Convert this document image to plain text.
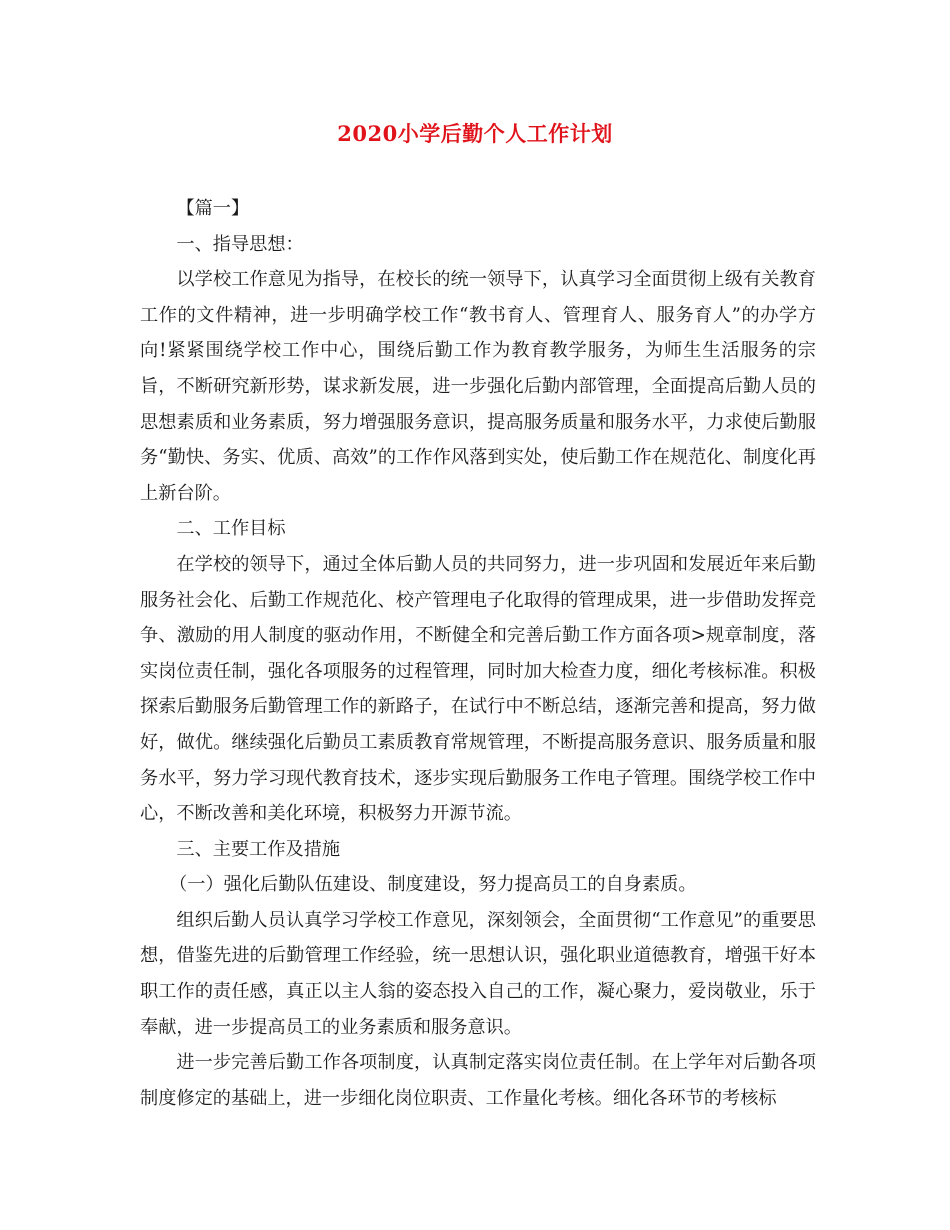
2020小学后勤个人工作计划

【篇一】

一、指导思想：

以学校工作意见为指导，在校长的统一领导下，认真学习全面贯彻上级有关教育工作的文件精神，进一步明确学校工作“教书育人、管理育人、服务育人”的办学方向!紧紧围绕学校工作中心，围绕后勤工作为教育教学服务，为师生生活服务的宗旨，不断研究新形势，谋求新发展，进一步强化后勤内部管理，全面提高后勤人员的思想素质和业务素质，努力增强服务意识，提高服务质量和服务水平，力求使后勤服务“勤快、务实、优质、高效”的工作作风落到实处，使后勤工作在规范化、制度化再上新台阶。

二、工作目标

在学校的领导下，通过全体后勤人员的共同努力，进一步巩固和发展近年来后勤服务社会化、后勤工作规范化、校产管理电子化取得的管理成果，进一步借助发挥竞争、激励的用人制度的驱动作用，不断健全和完善后勤工作方面各项>规章制度，落实岗位责任制，强化各项服务的过程管理，同时加大检查力度，细化考核标准。积极探索后勤服务后勤管理工作的新路子，在试行中不断总结，逐渐完善和提高，努力做好，做优。继续强化后勤员工素质教育常规管理，不断提高服务意识、服务质量和服务水平，努力学习现代教育技术，逐步实现后勤服务工作电子管理。围绕学校工作中心，不断改善和美化环境，积极努力开源节流。

三、主要工作及措施

（一）强化后勤队伍建设、制度建设，努力提高员工的自身素质。

组织后勤人员认真学习学校工作意见，深刻领会，全面贯彻“工作意见”的重要思想，借鉴先进的后勤管理工作经验，统一思想认识，强化职业道德教育，增强干好本职工作的责任感，真正以主人翁的姿态投入自己的工作，凝心聚力，爱岗敬业，乐于奉献，进一步提高员工的业务素质和服务意识。

进一步完善后勤工作各项制度，认真制定落实岗位责任制。在上学年对后勤各项制度修定的基础上，进一步细化岗位职责、工作量化考核。细化各环节的考核标
